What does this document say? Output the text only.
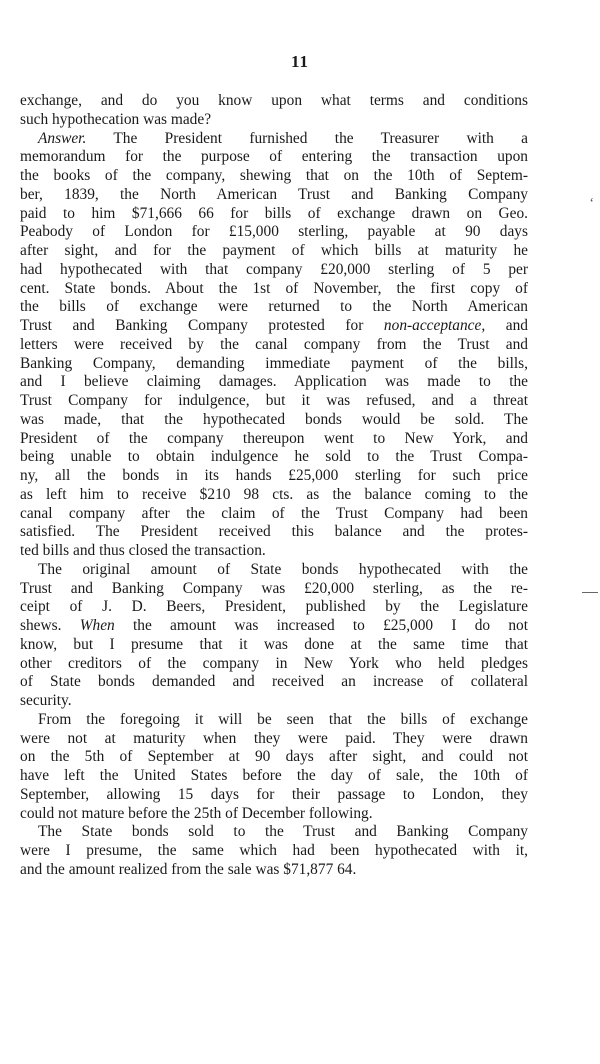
11
exchange, and do you know upon what terms and conditions
such hypothecation was made?
Answer. The President furnished the Treasurer with a
memorandum for the purpose of entering the transaction upon
the books of the company, shewing that on the 10th of Septem-
ber, 1839, the North American Trust and Banking Company
paid to him $71,666 66 for bills of exchange drawn on Geo.
Peabody of London for £15,000 sterling, payable at 90 days
after sight, and for the payment of which bills at maturity he
had hypothecated with that company £20,000 sterling of 5 per
cent. State bonds. About the 1st of November, the first copy of
the bills of exchange were returned to the North American
Trust and Banking Company protested for non-acceptance, and
letters were received by the canal company from the Trust and
Banking Company, demanding immediate payment of the bills,
and I believe claiming damages. Application was made to the
Trust Company for indulgence, but it was refused, and a threat
was made, that the hypothecated bonds would be sold. The
President of the company thereupon went to New York, and
being unable to obtain indulgence he sold to the Trust Compa-
ny, all the bonds in its hands £25,000 sterling for such price
as left him to receive $210 98 cts. as the balance coming to the
canal company after the claim of the Trust Company had been
satisfied. The President received this balance and the protes-
ted bills and thus closed the transaction.
The original amount of State bonds hypothecated with the
Trust and Banking Company was £20,000 sterling, as the re-
ceipt of J. D. Beers, President, published by the Legislature
shews. When the amount was increased to £25,000 I do not
know, but I presume that it was done at the same time that
other creditors of the company in New York who held pledges
of State bonds demanded and received an increase of collateral
security.
From the foregoing it will be seen that the bills of exchange
were not at maturity when they were paid. They were drawn
on the 5th of September at 90 days after sight, and could not
have left the United States before the day of sale, the 10th of
September, allowing 15 days for their passage to London, they
could not mature before the 25th of December following.
The State bonds sold to the Trust and Banking Company
were I presume, the same which had been hypothecated with it,
and the amount realized from the sale was $71,877 64.
‘
